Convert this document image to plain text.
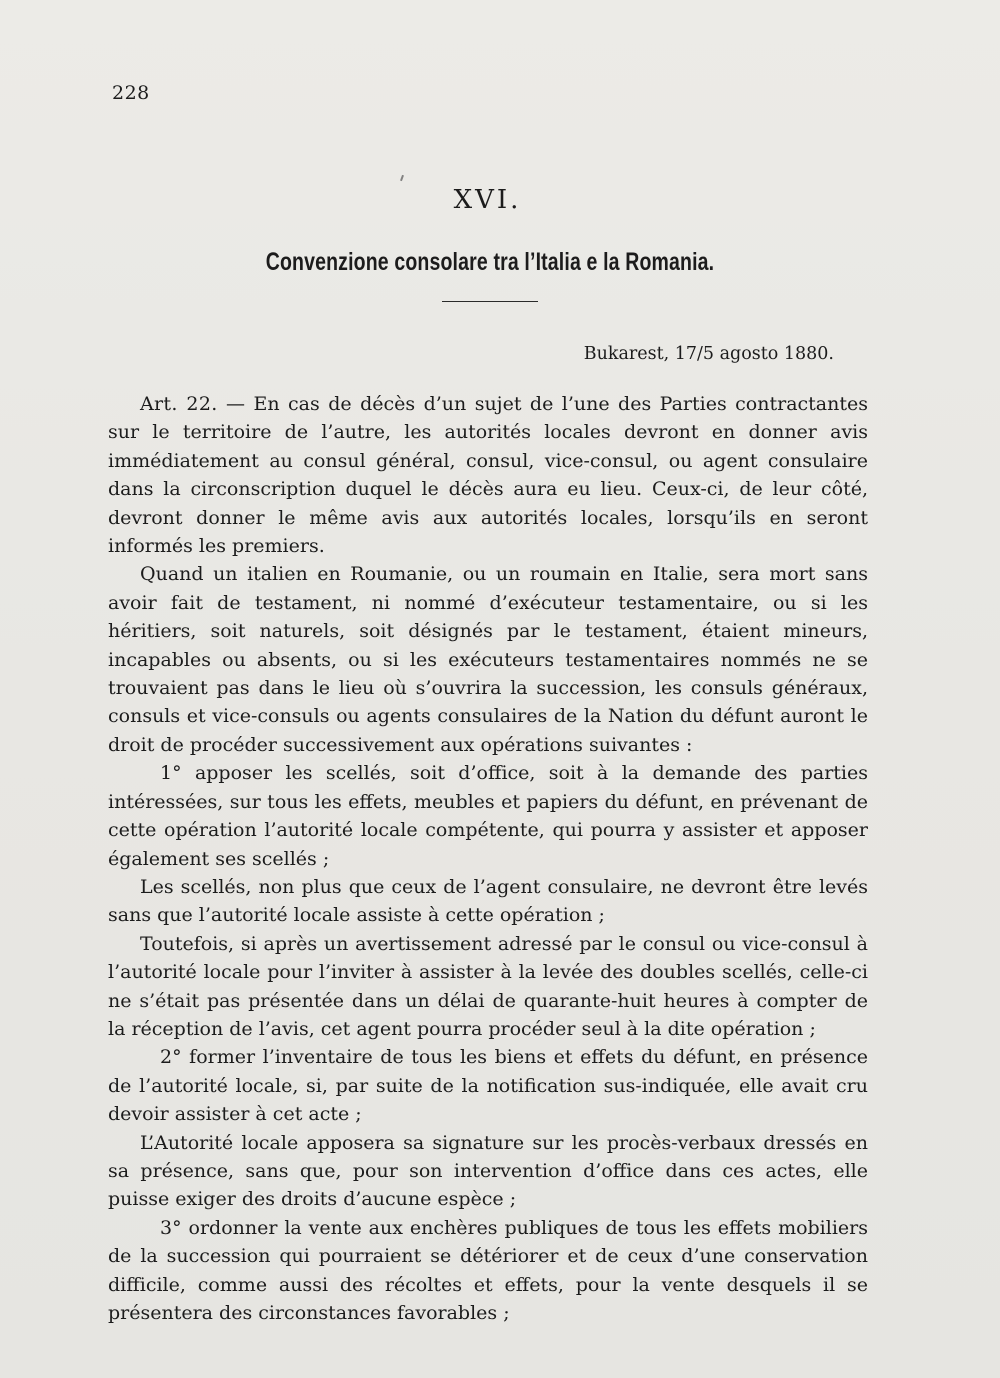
228
XVI.
Convenzione consolare tra l’Italia e la Romania.
Bukarest, 17/5 agosto 1880.

Art. 22. — En cas de décès d’un sujet de l’une des Parties contractantes sur le territoire de l’autre, les autorités locales devront en donner avis immédiatement au consul général, consul, vice-consul, ou agent consulaire dans la circonscription duquel le décès aura eu lieu. Ceux-ci, de leur côté, devront donner le même avis aux autorités locales, lorsqu’ils en seront informés les premiers.

Quand un italien en Roumanie, ou un roumain en Italie, sera mort sans avoir fait de testament, ni nommé d’exécuteur testamentaire, ou si les héritiers, soit naturels, soit désignés par le testament, étaient mineurs, incapables ou absents, ou si les exécuteurs testamentaires nommés ne se trouvaient pas dans le lieu où s’ouvrira la succession, les consuls généraux, consuls et vice-consuls ou agents consulaires de la Nation du défunt auront le droit de procéder successivement aux opérations suivantes :

1° apposer les scellés, soit d’office, soit à la demande des parties intéressées, sur tous les effets, meubles et papiers du défunt, en prévenant de cette opération l’autorité locale compétente, qui pourra y assister et apposer également ses scellés ;

Les scellés, non plus que ceux de l’agent consulaire, ne devront être levés sans que l’autorité locale assiste à cette opération ;

Toutefois, si après un avertissement adressé par le consul ou vice-consul à l’autorité locale pour l’inviter à assister à la levée des doubles scellés, celle-ci ne s’était pas présentée dans un délai de quarante-huit heures à compter de la réception de l’avis, cet agent pourra procéder seul à la dite opération ;

2° former l’inventaire de tous les biens et effets du défunt, en présence de l’autorité locale, si, par suite de la notification sus-indiquée, elle avait cru devoir assister à cet acte ;

L’Autorité locale apposera sa signature sur les procès-verbaux dressés en sa présence, sans que, pour son intervention d’office dans ces actes, elle puisse exiger des droits d’aucune espèce ;

3° ordonner la vente aux enchères publiques de tous les effets mobiliers de la succession qui pourraient se détériorer et de ceux d’une conservation difficile, comme aussi des récoltes et effets, pour la vente desquels il se présentera des circonstances favorables ;
